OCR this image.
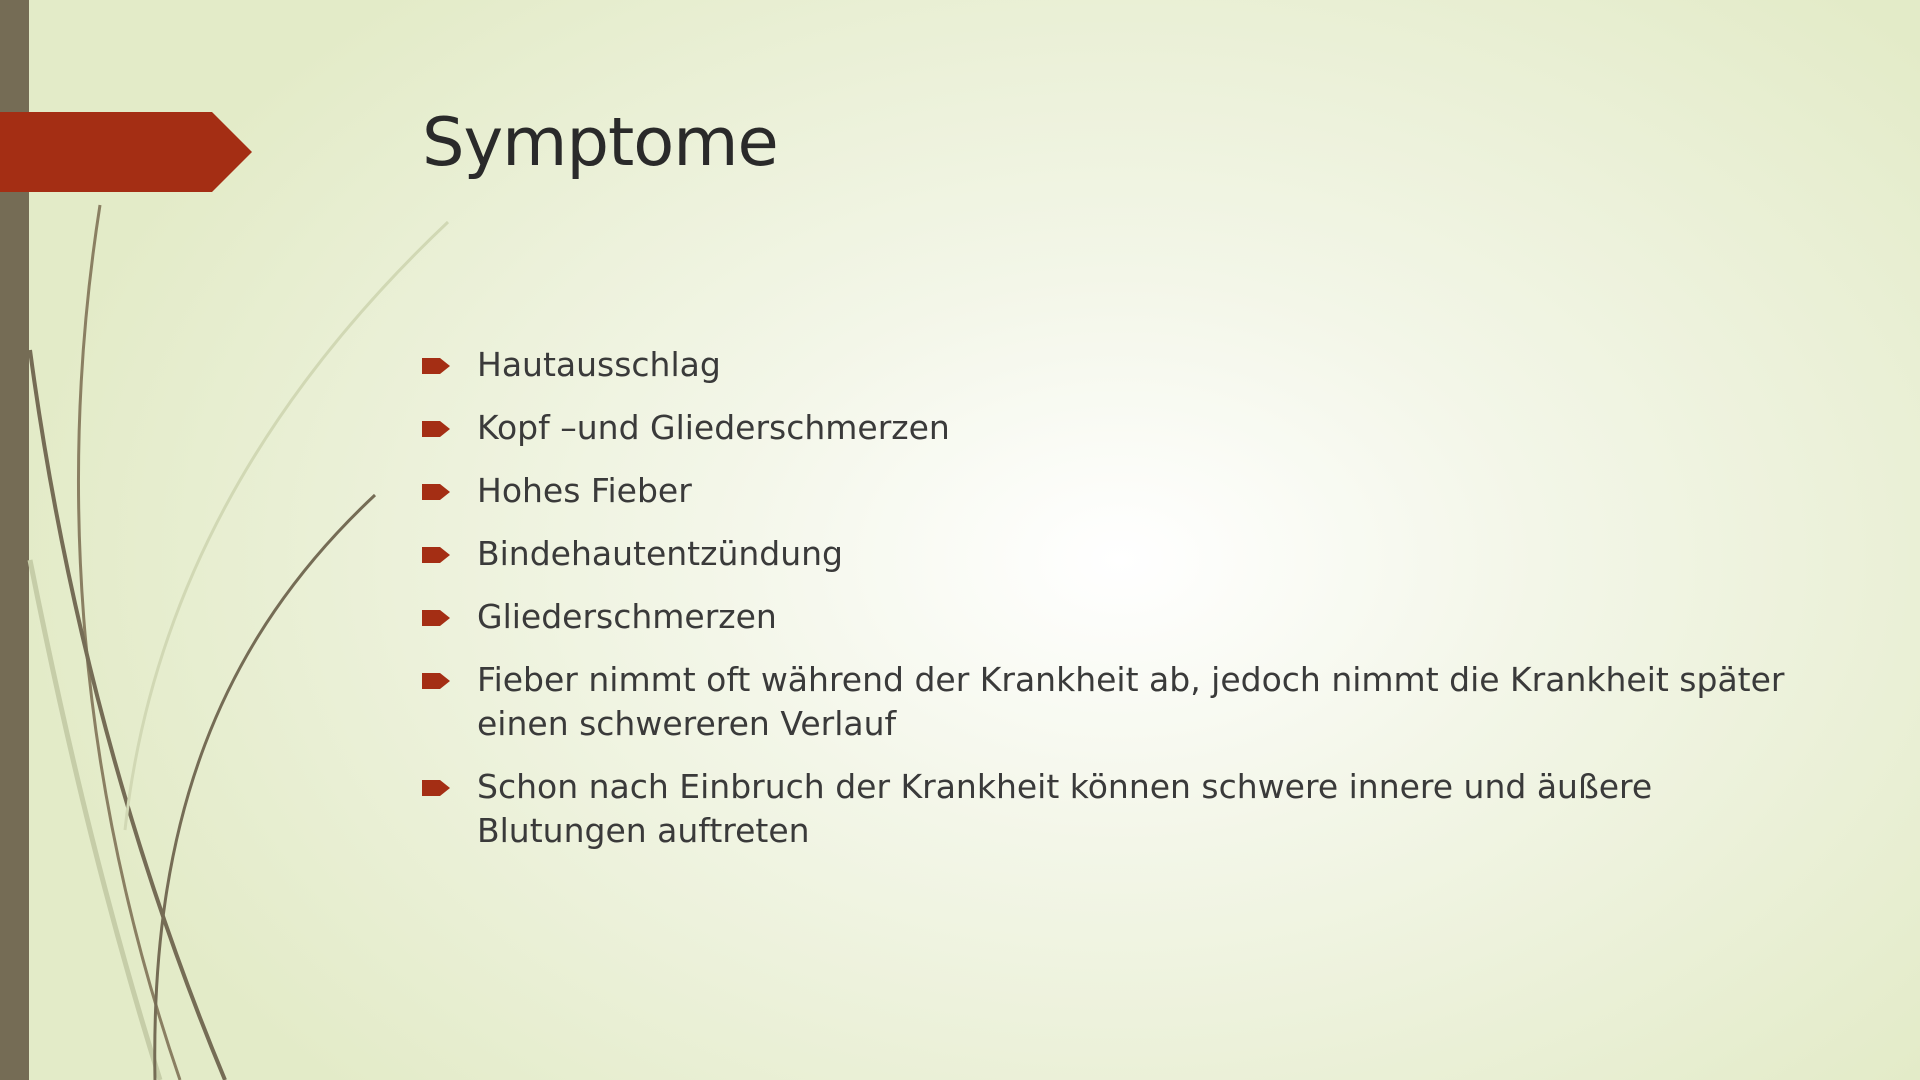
Symptome
Hautausschlag
Kopf –und Gliederschmerzen
Hohes Fieber
Bindehautentzündung
Gliederschmerzen
Fieber nimmt oft während der Krankheit ab, jedoch nimmt die Krankheit später einen schwereren Verlauf
Schon nach Einbruch der Krankheit können schwere innere und äußere Blutungen auftreten
